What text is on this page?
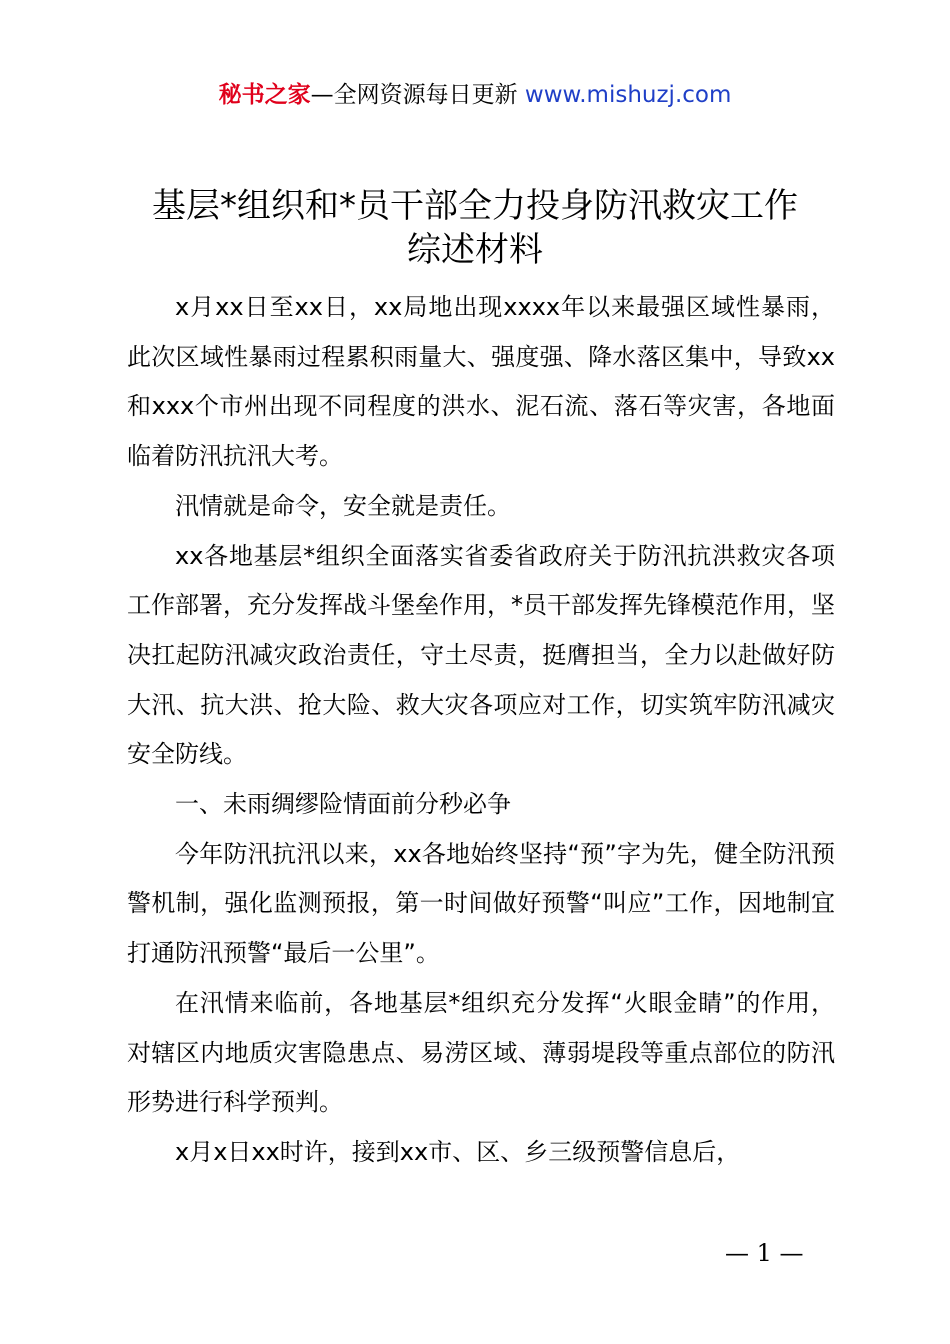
秘书之家—全网资源每日更新 www.mishuzj.com
基层*组织和*员干部全力投身防汛救灾工作
综述材料

x月xx日至xx日，xx局地出现xxxx年以来最强区域性暴雨，此次区域性暴雨过程累积雨量大、强度强、降水落区集中，导致xx和xxx个市州出现不同程度的洪水、泥石流、落石等灾害，各地面临着防汛抗汛大考。

汛情就是命令，安全就是责任。

xx各地基层*组织全面落实省委省政府关于防汛抗洪救灾各项工作部署，充分发挥战斗堡垒作用，*员干部发挥先锋模范作用，坚决扛起防汛减灾政治责任，守土尽责，挺膺担当，全力以赴做好防大汛、抗大洪、抢大险、救大灾各项应对工作，切实筑牢防汛减灾安全防线。

一、未雨绸缪险情面前分秒必争

今年防汛抗汛以来，xx各地始终坚持“预”字为先，健全防汛预警机制，强化监测预报，第一时间做好预警“叫应”工作，因地制宜打通防汛预警“最后一公里”。

在汛情来临前，各地基层*组织充分发挥“火眼金睛”的作用，对辖区内地质灾害隐患点、易涝区域、薄弱堤段等重点部位的防汛形势进行科学预判。

x月x日xx时许，接到xx市、区、乡三级预警信息后，

— 1 —
